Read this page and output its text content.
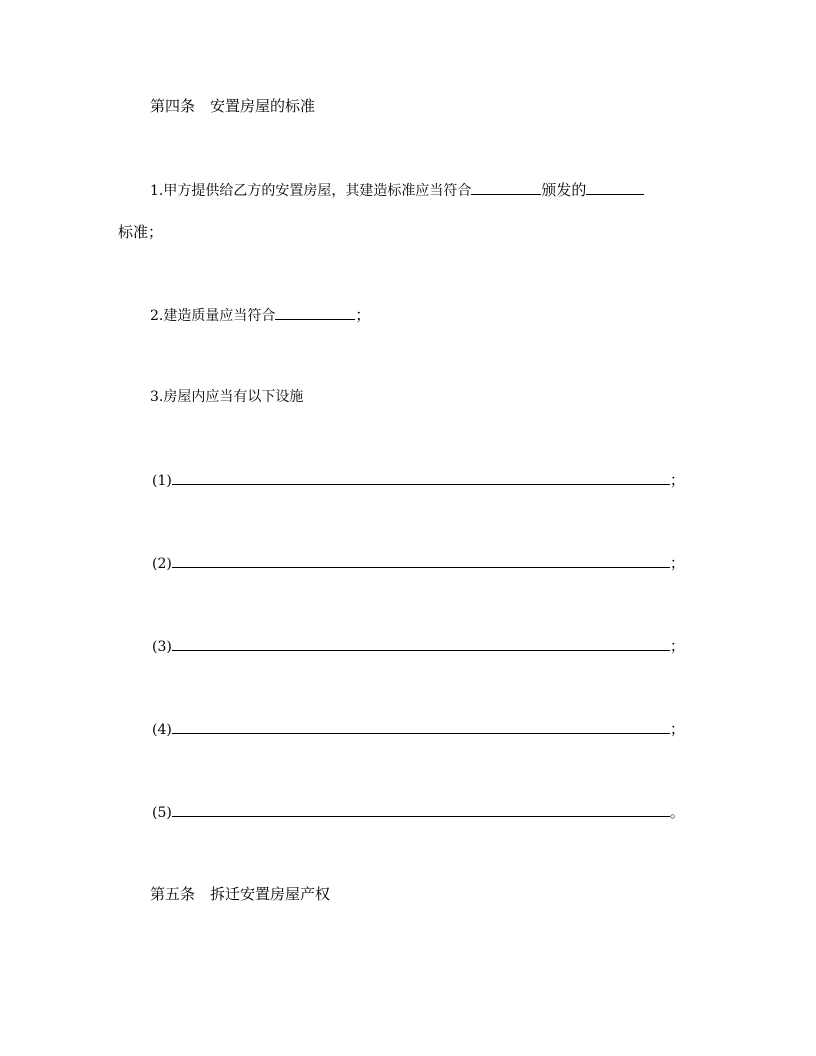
第四条　安置房屋的标准
1.甲方提供给乙方的安置房屋，其建造标准应当符合	颁发的
标准；
2.建造质量应当符合	；
3.房屋内应当有以下设施
(1)	；
(2)	；
(3)	；
(4)	；
(5)	。
第五条　拆迁安置房屋产权
